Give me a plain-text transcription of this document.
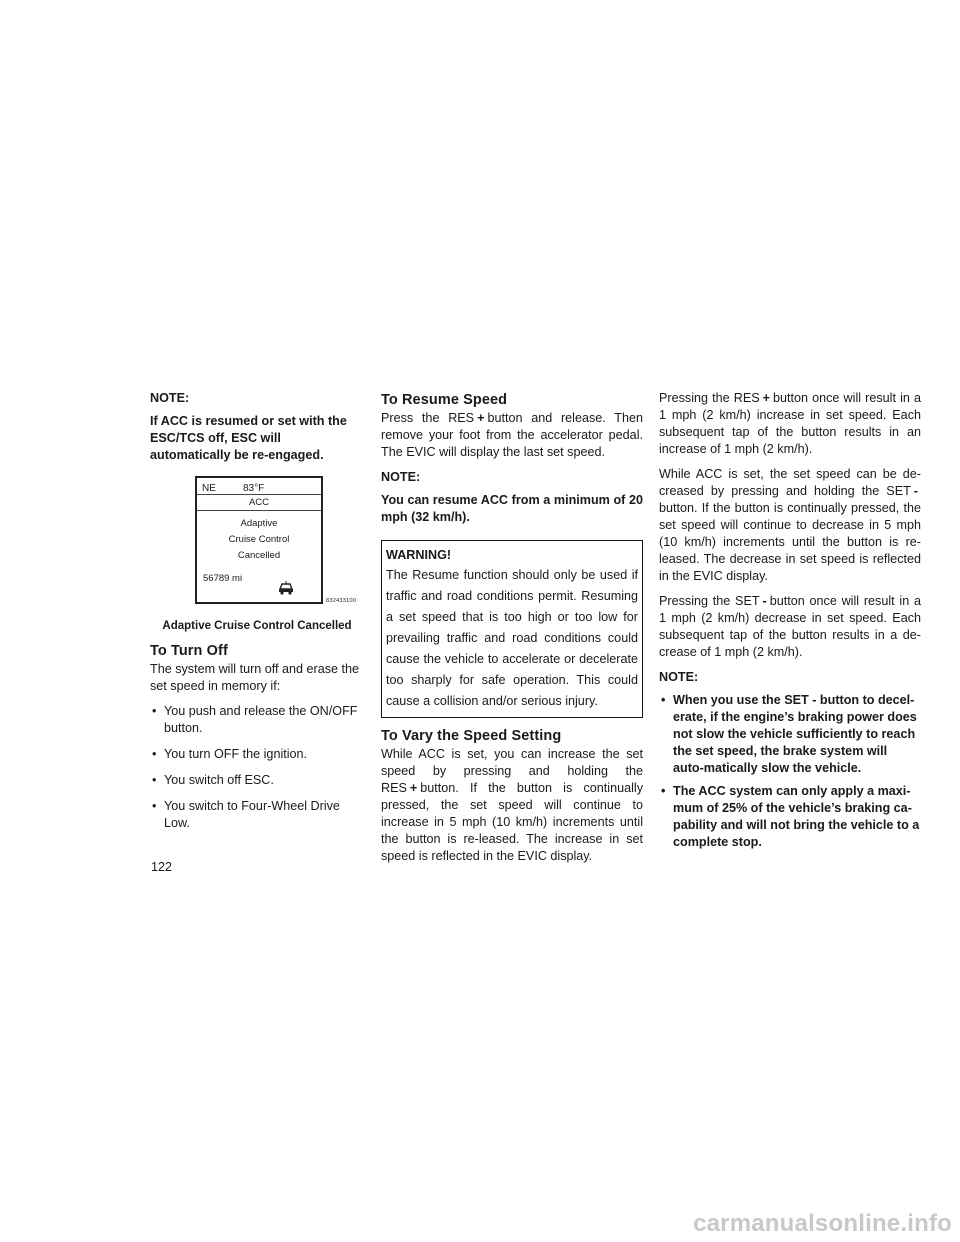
NOTE:

If ACC is resumed or set with the ESC/TCS off, ESC will automatically be re-engaged.

NE	83°F
ACC
Adaptive
Cruise Control
Cancelled
56789 mi
832433100

Adaptive Cruise Control Cancelled

To Turn Off

The system will turn off and erase the set speed in memory if:

• You push and release the ON/OFF button.
• You turn OFF the ignition.
• You switch off ESC.
• You switch to Four-Wheel Drive Low.
To Resume Speed

Press the RES + button and release. Then remove your foot from the accelerator pedal. The EVIC will display the last set speed.

NOTE:

You can resume ACC from a minimum of 20 mph (32 km/h).

WARNING!
The Resume function should only be used if traffic and road conditions permit. Resuming a set speed that is too high or too low for prevailing traffic and road conditions could cause the vehicle to accelerate or decelerate too sharply for safe operation. This could cause a collision and/or serious injury.
To Vary the Speed Setting

While ACC is set, you can increase the set speed by pressing and holding the RES + button. If the button is continually pressed, the set speed will continue to increase in 5 mph (10 km/h) increments until the button is re-leased. The increase in set speed is reflected in the EVIC display.

Pressing the RES + button once will result in a 1 mph (2 km/h) increase in set speed. Each subsequent tap of the button results in an increase of 1 mph (2 km/h).

While ACC is set, the set speed can be de-creased by pressing and holding the SET -button. If the button is continually pressed, the set speed will continue to decrease in 5 mph (10 km/h) increments until the button is re-leased. The decrease in set speed is reflected in the EVIC display.

Pressing the SET - button once will result in a 1 mph (2 km/h) decrease in set speed. Each subsequent tap of the button results in a de-crease of 1 mph (2 km/h).

NOTE:

• When you use the SET - button to decel-erate, if the engine’s braking power does not slow the vehicle sufficiently to reach the set speed, the brake system will auto-matically slow the vehicle.
• The ACC system can only apply a maxi-mum of 25% of the vehicle’s braking ca-pability and will not bring the vehicle to a complete stop.
122
carmanualsonline.info
